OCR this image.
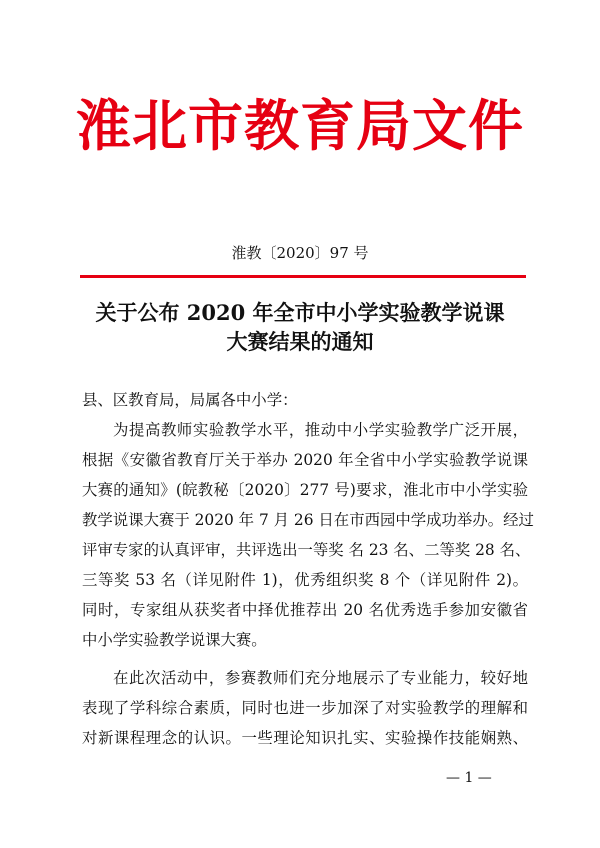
淮北市教育局文件
淮教〔2020〕97 号
关于公布 2020 年全市中小学实验教学说课
大赛结果的通知
县、区教育局，局属各中小学：
为提高教师实验教学水平，推动中小学实验教学广泛开展，
根据《安徽省教育厅关于举办 2020 年全省中小学实验教学说课
大赛的通知》(皖教秘〔2020〕277 号)要求，淮北市中小学实验
教学说课大赛于 2020 年 7 月 26 日在市西园中学成功举办。经过
评审专家的认真评审，共评选出一等奖 名 23 名、二等奖 28 名、
三等奖 53 名（详见附件 1)，优秀组织奖 8 个（详见附件 2)。
同时，专家组从获奖者中择优推荐出 20 名优秀选手参加安徽省
中小学实验教学说课大赛。
在此次活动中，参赛教师们充分地展示了专业能力，较好地
表现了学科综合素质，同时也进一步加深了对实验教学的理解和
对新课程理念的认识。一些理论知识扎实、实验操作技能娴熟、
— 1 —
